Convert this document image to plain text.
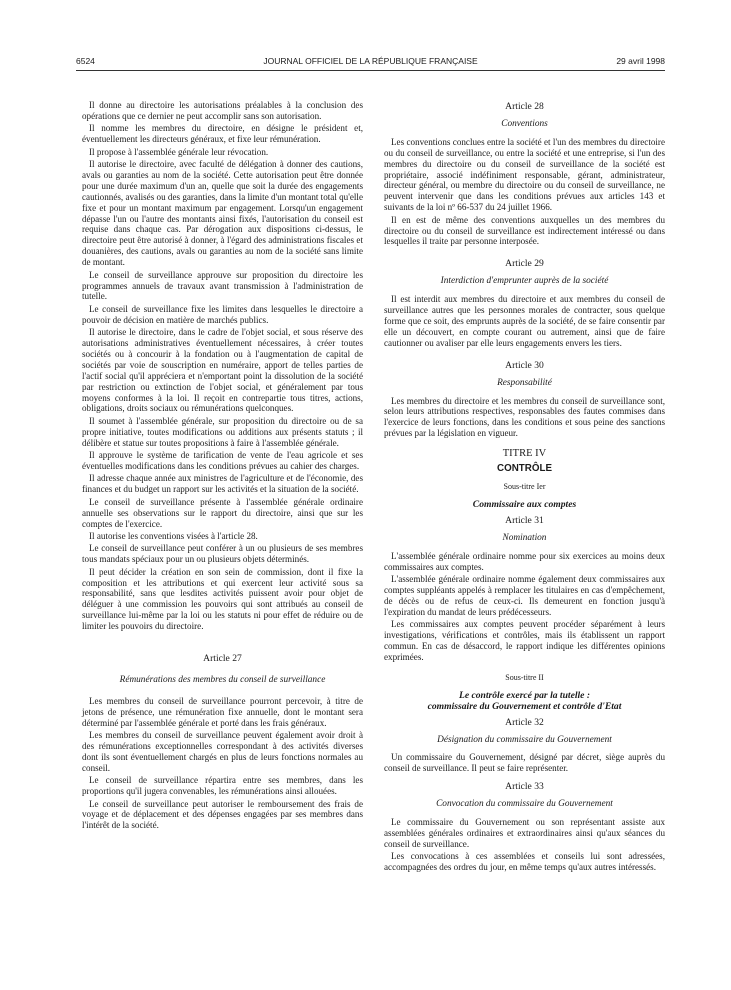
6524	JOURNAL OFFICIEL DE LA RÉPUBLIQUE FRANÇAISE	29 avril 1998

Il donne au directoire les autorisations préalables à la conclusion des opérations que ce dernier ne peut accomplir sans son autorisation.

Il nomme les membres du directoire, en désigne le président et, éventuellement les directeurs généraux, et fixe leur rémunération.

Il propose à l'assemblée générale leur révocation.

Il autorise le directoire, avec faculté de délégation à donner des cautions, avals ou garanties au nom de la société. Cette autorisation peut être donnée pour une durée maximum d'un an, quelle que soit la durée des engagements cautionnés, avalisés ou des garanties, dans la limite d'un montant total qu'elle fixe et pour un montant maximum par engagement. Lorsqu'un engagement dépasse l'un ou l'autre des montants ainsi fixés, l'autorisation du conseil est requise dans chaque cas. Par dérogation aux dispositions ci-dessus, le directoire peut être autorisé à donner, à l'égard des administrations fiscales et douanières, des cautions, avals ou garanties au nom de la société sans limite de montant.

Le conseil de surveillance approuve sur proposition du directoire les programmes annuels de travaux avant transmission à l'administration de tutelle.

Le conseil de surveillance fixe les limites dans lesquelles le directoire a pouvoir de décision en matière de marchés publics.

Il autorise le directoire, dans le cadre de l'objet social, et sous réserve des autorisations administratives éventuellement nécessaires, à créer toutes sociétés ou à concourir à la fondation ou à l'augmentation de capital de sociétés par voie de souscription en numéraire, apport de telles parties de l'actif social qu'il appréciera et n'emportant point la dissolution de la société par restriction ou extinction de l'objet social, et généralement par tous moyens conformes à la loi. Il reçoit en contrepartie tous titres, actions, obligations, droits sociaux ou rémunérations quelconques.

Il soumet à l'assemblée générale, sur proposition du directoire ou de sa propre initiative, toutes modifications ou additions aux présents statuts ; il délibère et statue sur toutes propositions à faire à l'assemblée générale.

Il approuve le système de tarification de vente de l'eau agricole et ses éventuelles modifications dans les conditions prévues au cahier des charges.

Il adresse chaque année aux ministres de l'agriculture et de l'économie, des finances et du budget un rapport sur les activités et la situation de la société.

Le conseil de surveillance présente à l'assemblée générale ordinaire annuelle ses observations sur le rapport du directoire, ainsi que sur les comptes de l'exercice.

Il autorise les conventions visées à l'article 28.

Le conseil de surveillance peut conférer à un ou plusieurs de ses membres tous mandats spéciaux pour un ou plusieurs objets déterminés.

Il peut décider la création en son sein de commission, dont il fixe la composition et les attributions et qui exercent leur activité sous sa responsabilité, sans que lesdites activités puissent avoir pour objet de déléguer à une commission les pouvoirs qui sont attribués au conseil de surveillance lui-même par la loi ou les statuts ni pour effet de réduire ou de limiter les pouvoirs du directoire.

Article 27
Rémunérations des membres du conseil de surveillance

Les membres du conseil de surveillance pourront percevoir, à titre de jetons de présence, une rémunération fixe annuelle, dont le montant sera déterminé par l'assemblée générale et porté dans les frais généraux.

Les membres du conseil de surveillance peuvent également avoir droit à des rémunérations exceptionnelles correspondant à des activités diverses dont ils sont éventuellement chargés en plus de leurs fonctions normales au conseil.

Le conseil de surveillance répartira entre ses membres, dans les proportions qu'il jugera convenables, les rémunérations ainsi allouées.

Le conseil de surveillance peut autoriser le remboursement des frais de voyage et de déplacement et des dépenses engagées par ses membres dans l'intérêt de la société.

Article 28
Conventions

Les conventions conclues entre la société et l'un des membres du directoire ou du conseil de surveillance, ou entre la société et une entreprise, si l'un des membres du directoire ou du conseil de surveillance de la société est propriétaire, associé indéfiniment responsable, gérant, administrateur, directeur général, ou membre du directoire ou du conseil de surveillance, ne peuvent intervenir que dans les conditions prévues aux articles 143 et suivants de la loi nº 66-537 du 24 juillet 1966.

Il en est de même des conventions auxquelles un des membres du directoire ou du conseil de surveillance est indirectement intéressé ou dans lesquelles il traite par personne interposée.

Article 29
Interdiction d'emprunter auprès de la société

Il est interdit aux membres du directoire et aux membres du conseil de surveillance autres que les personnes morales de contracter, sous quelque forme que ce soit, des emprunts auprès de la société, de se faire consentir par elle un découvert, en compte courant ou autrement, ainsi que de faire cautionner ou avaliser par elle leurs engagements envers les tiers.

Article 30
Responsabilité

Les membres du directoire et les membres du conseil de surveillance sont, selon leurs attributions respectives, responsables des fautes commises dans l'exercice de leurs fonctions, dans les conditions et sous peine des sanctions prévues par la législation en vigueur.

TITRE IV
CONTRÔLE
Sous-titre Ier
Commissaire aux comptes
Article 31
Nomination

L'assemblée générale ordinaire nomme pour six exercices au moins deux commissaires aux comptes.

L'assemblée générale ordinaire nomme également deux commissaires aux comptes suppléants appelés à remplacer les titulaires en cas d'empêchement, de décès ou de refus de ceux-ci. Ils demeurent en fonction jusqu'à l'expiration du mandat de leurs prédécesseurs.

Les commissaires aux comptes peuvent procéder séparément à leurs investigations, vérifications et contrôles, mais ils établissent un rapport commun. En cas de désaccord, le rapport indique les différentes opinions exprimées.

Sous-titre II
Le contrôle exercé par la tutelle :
commissaire du Gouvernement et contrôle d'Etat
Article 32
Désignation du commissaire du Gouvernement

Un commissaire du Gouvernement, désigné par décret, siège auprès du conseil de surveillance. Il peut se faire représenter.

Article 33
Convocation du commissaire du Gouvernement

Le commissaire du Gouvernement ou son représentant assiste aux assemblées générales ordinaires et extraordinaires ainsi qu'aux séances du conseil de surveillance.

Les convocations à ces assemblées et conseils lui sont adressées, accompagnées des ordres du jour, en même temps qu'aux autres intéressés.
